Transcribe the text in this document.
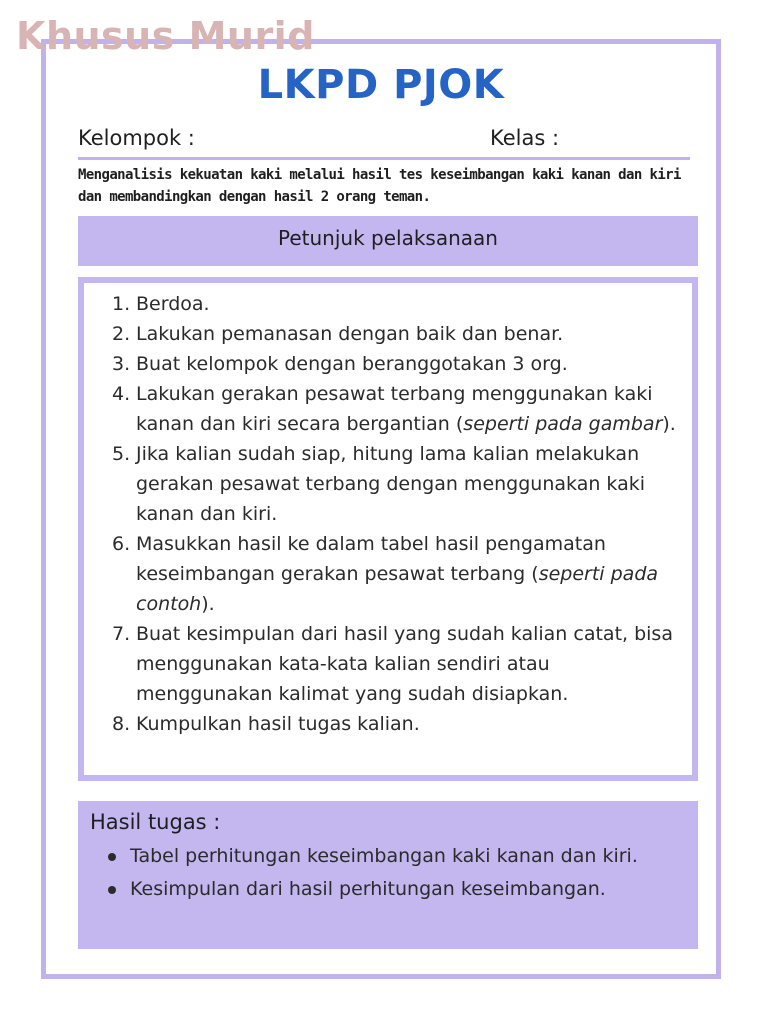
Khusus Murid
LKPD PJOK
Kelompok :	Kelas :
Menganalisis kekuatan kaki melalui hasil tes keseimbangan kaki kanan dan kiri dan membandingkan dengan hasil 2 orang teman.
Petunjuk pelaksanaan
1. Berdoa.
2. Lakukan pemanasan dengan baik dan benar.
3. Buat kelompok dengan beranggotakan 3 org.
4. Lakukan gerakan pesawat terbang menggunakan kaki kanan dan kiri secara bergantian (seperti pada gambar).
5. Jika kalian sudah siap, hitung lama kalian melakukan gerakan pesawat terbang dengan menggunakan kaki kanan dan kiri.
6. Masukkan hasil ke dalam tabel hasil pengamatan keseimbangan gerakan pesawat terbang (seperti pada contoh).
7. Buat kesimpulan dari hasil yang sudah kalian catat, bisa menggunakan kata-kata kalian sendiri atau menggunakan kalimat yang sudah disiapkan.
8. Kumpulkan hasil tugas kalian.
Hasil tugas :
Tabel perhitungan keseimbangan kaki kanan dan kiri.
Kesimpulan dari hasil perhitungan keseimbangan.
